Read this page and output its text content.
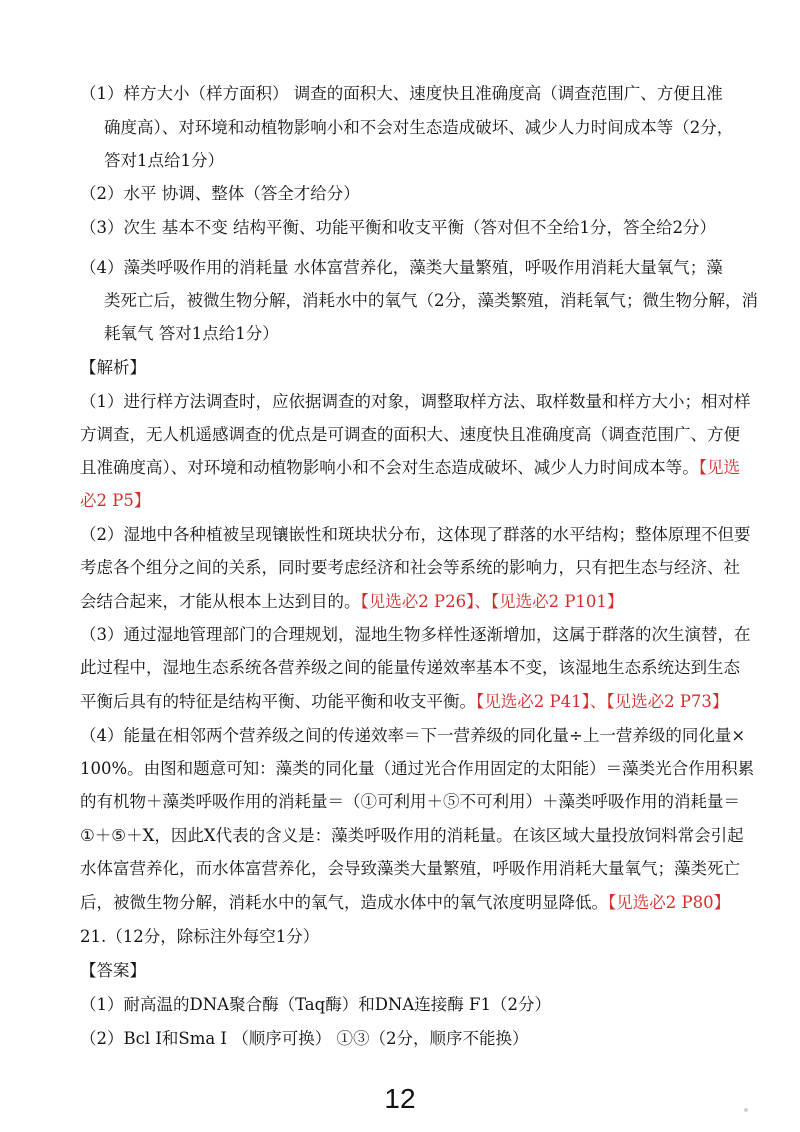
（1）样方大小（样方面积） 调查的面积大、速度快且准确度高（调查范围广、方便且准
确度高）、对环境和动植物影响小和不会对生态造成破坏、减少人力时间成本等（2分，
答对1点给1分）
（2）水平 协调、整体（答全才给分）
（3）次生 基本不变 结构平衡、功能平衡和收支平衡（答对但不全给1分，答全给2分）
（4）藻类呼吸作用的消耗量 水体富营养化，藻类大量繁殖，呼吸作用消耗大量氧气；藻
类死亡后，被微生物分解，消耗水中的氧气（2分，藻类繁殖，消耗氧气；微生物分解，消
耗氧气 答对1点给1分）
【解析】
（1）进行样方法调查时，应依据调查的对象，调整取样方法、取样数量和样方大小；相对样
方调查，无人机遥感调查的优点是可调查的面积大、速度快且准确度高（调查范围广、方便
且准确度高）、对环境和动植物影响小和不会对生态造成破坏、减少人力时间成本等。【见选
必2 P5】
（2）湿地中各种植被呈现镶嵌性和斑块状分布，这体现了群落的水平结构；整体原理不但要
考虑各个组分之间的关系，同时要考虑经济和社会等系统的影响力，只有把生态与经济、社
会结合起来，才能从根本上达到目的。【见选必2 P26】、【见选必2 P101】
（3）通过湿地管理部门的合理规划，湿地生物多样性逐渐增加，这属于群落的次生演替，在
此过程中，湿地生态系统各营养级之间的能量传递效率基本不变，该湿地生态系统达到生态
平衡后具有的特征是结构平衡、功能平衡和收支平衡。【见选必2 P41】、【见选必2 P73】
（4）能量在相邻两个营养级之间的传递效率＝下一营养级的同化量÷上一营养级的同化量×
100%。由图和题意可知：藻类的同化量（通过光合作用固定的太阳能）＝藻类光合作用积累
的有机物＋藻类呼吸作用的消耗量＝（①可利用＋⑤不可利用）＋藻类呼吸作用的消耗量＝
①＋⑤＋X，因此X代表的含义是：藻类呼吸作用的消耗量。在该区域大量投放饲料常会引起
水体富营养化，而水体富营养化，会导致藻类大量繁殖，呼吸作用消耗大量氧气；藻类死亡
后，被微生物分解，消耗水中的氧气，造成水体中的氧气浓度明显降低。【见选必2 P80】
21.（12分，除标注外每空1分）
【答案】
（1）耐高温的DNA聚合酶（Taq酶）和DNA连接酶 F1（2分）
（2）Bcl Ⅰ和Sma Ⅰ （顺序可换） ①③（2分，顺序不能换）
12
